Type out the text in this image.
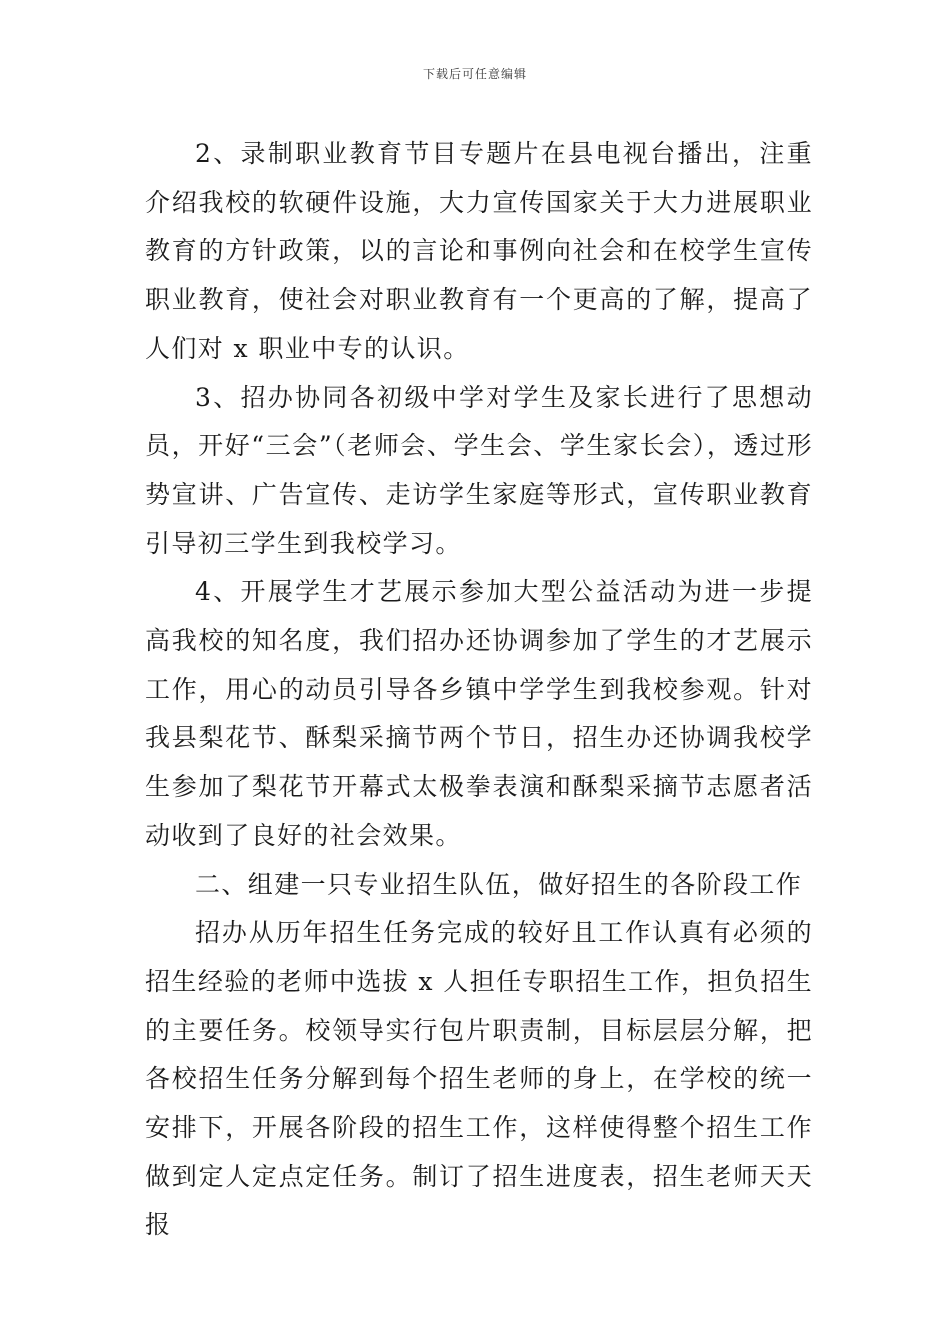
下载后可任意编辑

2、录制职业教育节目专题片在县电视台播出，注重介绍我校的软硬件设施，大力宣传国家关于大力进展职业教育的方针政策，以的言论和事例向社会和在校学生宣传职业教育，使社会对职业教育有一个更高的了解，提高了人们对 x 职业中专的认识。

3、招办协同各初级中学对学生及家长进行了思想动员，开好“三会”（老师会、学生会、学生家长会），透过形势宣讲、广告宣传、走访学生家庭等形式，宣传职业教育引导初三学生到我校学习。

4、开展学生才艺展示参加大型公益活动为进一步提高我校的知名度，我们招办还协调参加了学生的才艺展示工作，用心的动员引导各乡镇中学学生到我校参观。针对我县梨花节、酥梨采摘节两个节日，招生办还协调我校学生参加了梨花节开幕式太极拳表演和酥梨采摘节志愿者活动收到了良好的社会效果。

二、组建一只专业招生队伍，做好招生的各阶段工作

招办从历年招生任务完成的较好且工作认真有必须的招生经验的老师中选拔 x 人担任专职招生工作，担负招生的主要任务。校领导实行包片职责制，目标层层分解，把各校招生任务分解到每个招生老师的身上，在学校的统一安排下，开展各阶段的招生工作，这样使得整个招生工作做到定人定点定任务。制订了招生进度表，招生老师天天报
